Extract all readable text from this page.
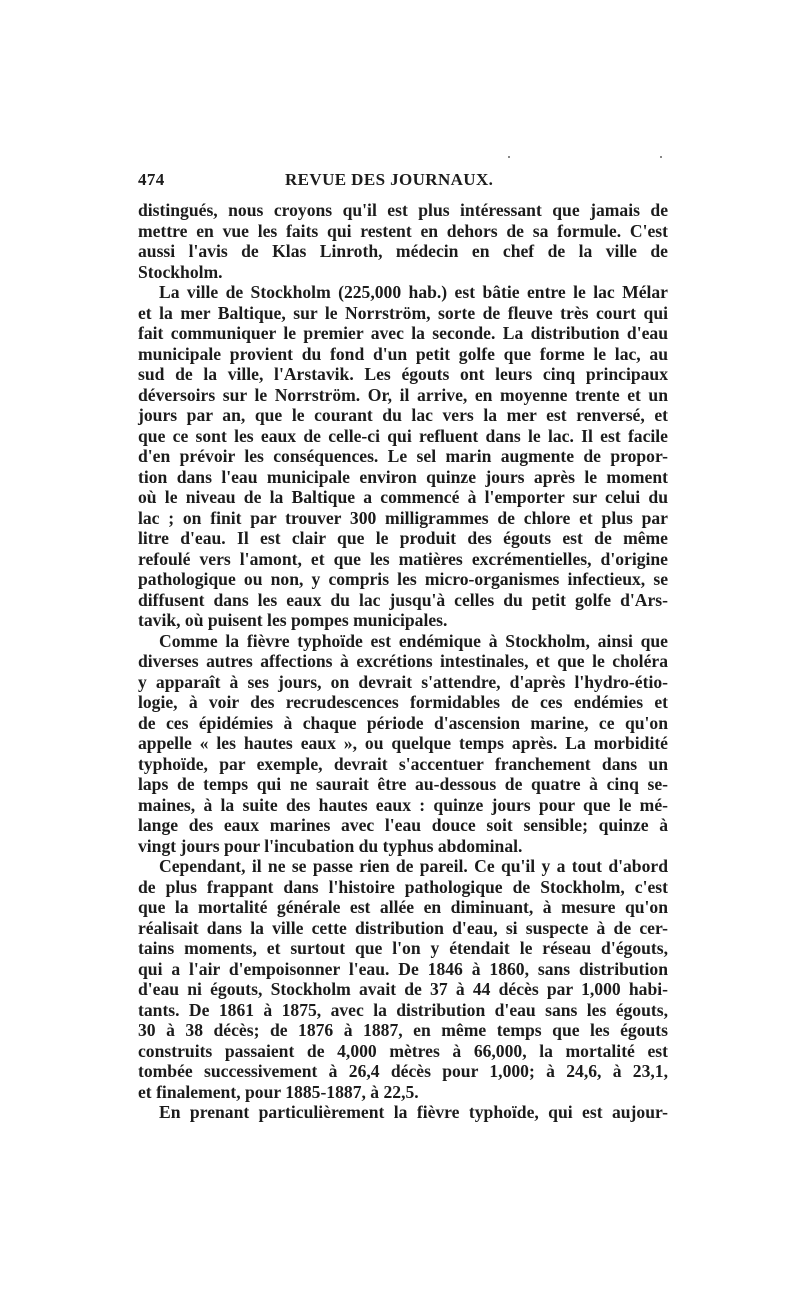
474	REVUE DES JOURNAUX.
distingués, nous croyons qu'il est plus intéressant que jamais de
mettre en vue les faits qui restent en dehors de sa formule. C'est
aussi l'avis de Klas Linroth, médecin en chef de la ville de
Stockholm.
La ville de Stockholm (225,000 hab.) est bâtie entre le lac Mélar
et la mer Baltique, sur le Norrström, sorte de fleuve très court qui
fait communiquer le premier avec la seconde. La distribution d'eau
municipale provient du fond d'un petit golfe que forme le lac, au
sud de la ville, l'Arstavik. Les égouts ont leurs cinq principaux
déversoirs sur le Norrström. Or, il arrive, en moyenne trente et un
jours par an, que le courant du lac vers la mer est renversé, et
que ce sont les eaux de celle-ci qui refluent dans le lac. Il est facile
d'en prévoir les conséquences. Le sel marin augmente de propor-
tion dans l'eau municipale environ quinze jours après le moment
où le niveau de la Baltique a commencé à l'emporter sur celui du
lac ; on finit par trouver 300 milligrammes de chlore et plus par
litre d'eau. Il est clair que le produit des égouts est de même
refoulé vers l'amont, et que les matières excrémentielles, d'origine
pathologique ou non, y compris les micro-organismes infectieux, se
diffusent dans les eaux du lac jusqu'à celles du petit golfe d'Ars-
tavik, où puisent les pompes municipales.
Comme la fièvre typhoïde est endémique à Stockholm, ainsi que
diverses autres affections à excrétions intestinales, et que le choléra
y apparaît à ses jours, on devrait s'attendre, d'après l'hydro-étio-
logie, à voir des recrudescences formidables de ces endémies et
de ces épidémies à chaque période d'ascension marine, ce qu'on
appelle « les hautes eaux », ou quelque temps après. La morbidité
typhoïde, par exemple, devrait s'accentuer franchement dans un
laps de temps qui ne saurait être au-dessous de quatre à cinq se-
maines, à la suite des hautes eaux : quinze jours pour que le mé-
lange des eaux marines avec l'eau douce soit sensible; quinze à
vingt jours pour l'incubation du typhus abdominal.
Cependant, il ne se passe rien de pareil. Ce qu'il y a tout d'abord
de plus frappant dans l'histoire pathologique de Stockholm, c'est
que la mortalité générale est allée en diminuant, à mesure qu'on
réalisait dans la ville cette distribution d'eau, si suspecte à de cer-
tains moments, et surtout que l'on y étendait le réseau d'égouts,
qui a l'air d'empoisonner l'eau. De 1846 à 1860, sans distribution
d'eau ni égouts, Stockholm avait de 37 à 44 décès par 1,000 habi-
tants. De 1861 à 1875, avec la distribution d'eau sans les égouts,
30 à 38 décès; de 1876 à 1887, en même temps que les égouts
construits passaient de 4,000 mètres à 66,000, la mortalité est
tombée successivement à 26,4 décès pour 1,000; à 24,6, à 23,1,
et finalement, pour 1885-1887, à 22,5.
En prenant particulièrement la fièvre typhoïde, qui est aujour-
